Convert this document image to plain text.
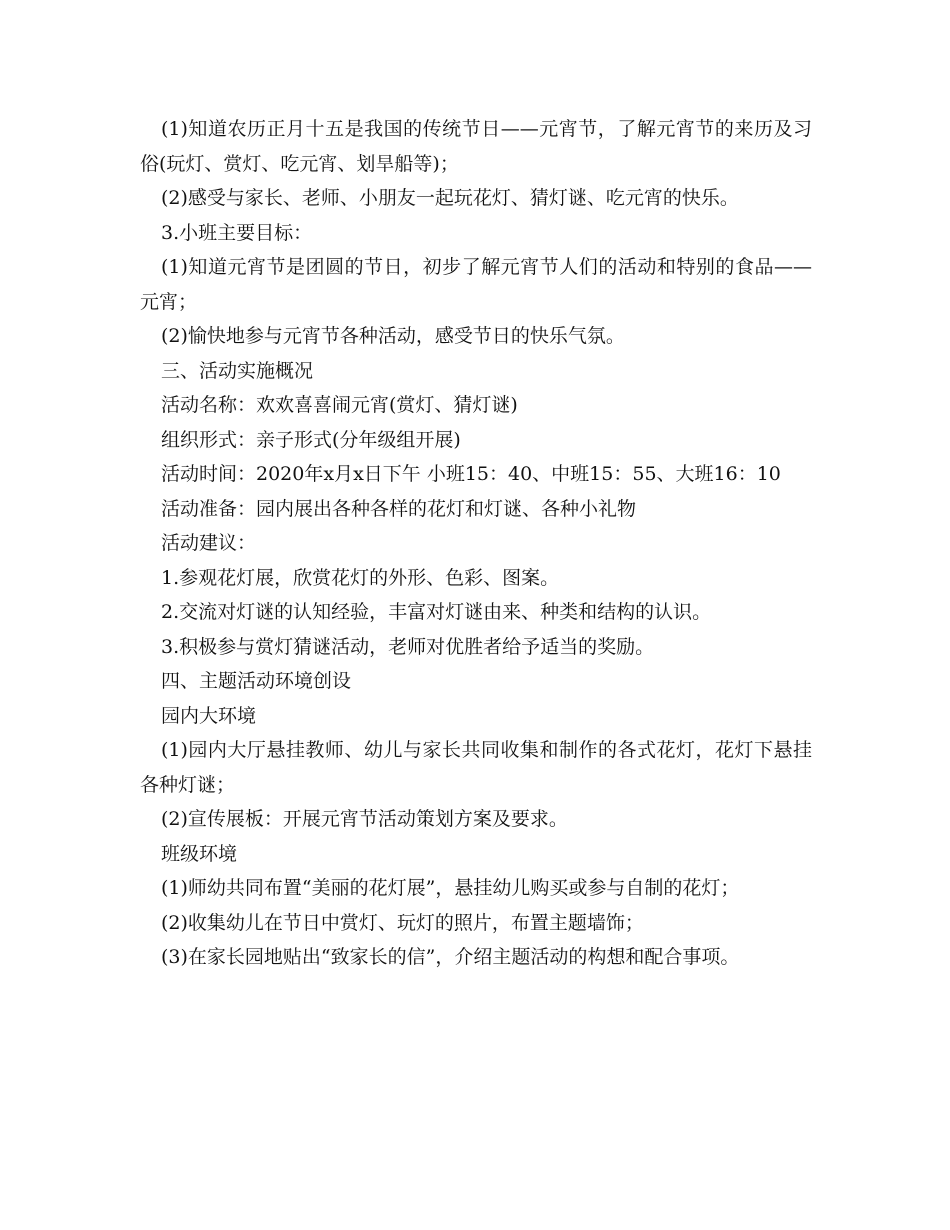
(1)知道农历正月十五是我国的传统节日——元宵节，了解元宵节的来历及习俗(玩灯、赏灯、吃元宵、划旱船等)；

(2)感受与家长、老师、小朋友一起玩花灯、猜灯谜、吃元宵的快乐。

3.小班主要目标：

(1)知道元宵节是团圆的节日，初步了解元宵节人们的活动和特别的食品——元宵；

(2)愉快地参与元宵节各种活动，感受节日的快乐气氛。

三、活动实施概况

活动名称：欢欢喜喜闹元宵(赏灯、猜灯谜)

组织形式：亲子形式(分年级组开展)

活动时间：2020年x月x日下午 小班15：40、中班15：55、大班16：10

活动准备：园内展出各种各样的花灯和灯谜、各种小礼物

活动建议：

1.参观花灯展，欣赏花灯的外形、色彩、图案。

2.交流对灯谜的认知经验，丰富对灯谜由来、种类和结构的认识。

3.积极参与赏灯猜谜活动，老师对优胜者给予适当的奖励。

四、主题活动环境创设

园内大环境

(1)园内大厅悬挂教师、幼儿与家长共同收集和制作的各式花灯，花灯下悬挂各种灯谜；

(2)宣传展板：开展元宵节活动策划方案及要求。

班级环境

(1)师幼共同布置“美丽的花灯展”，悬挂幼儿购买或参与自制的花灯；

(2)收集幼儿在节日中赏灯、玩灯的照片，布置主题墙饰；

(3)在家长园地贴出“致家长的信”，介绍主题活动的构想和配合事项。
